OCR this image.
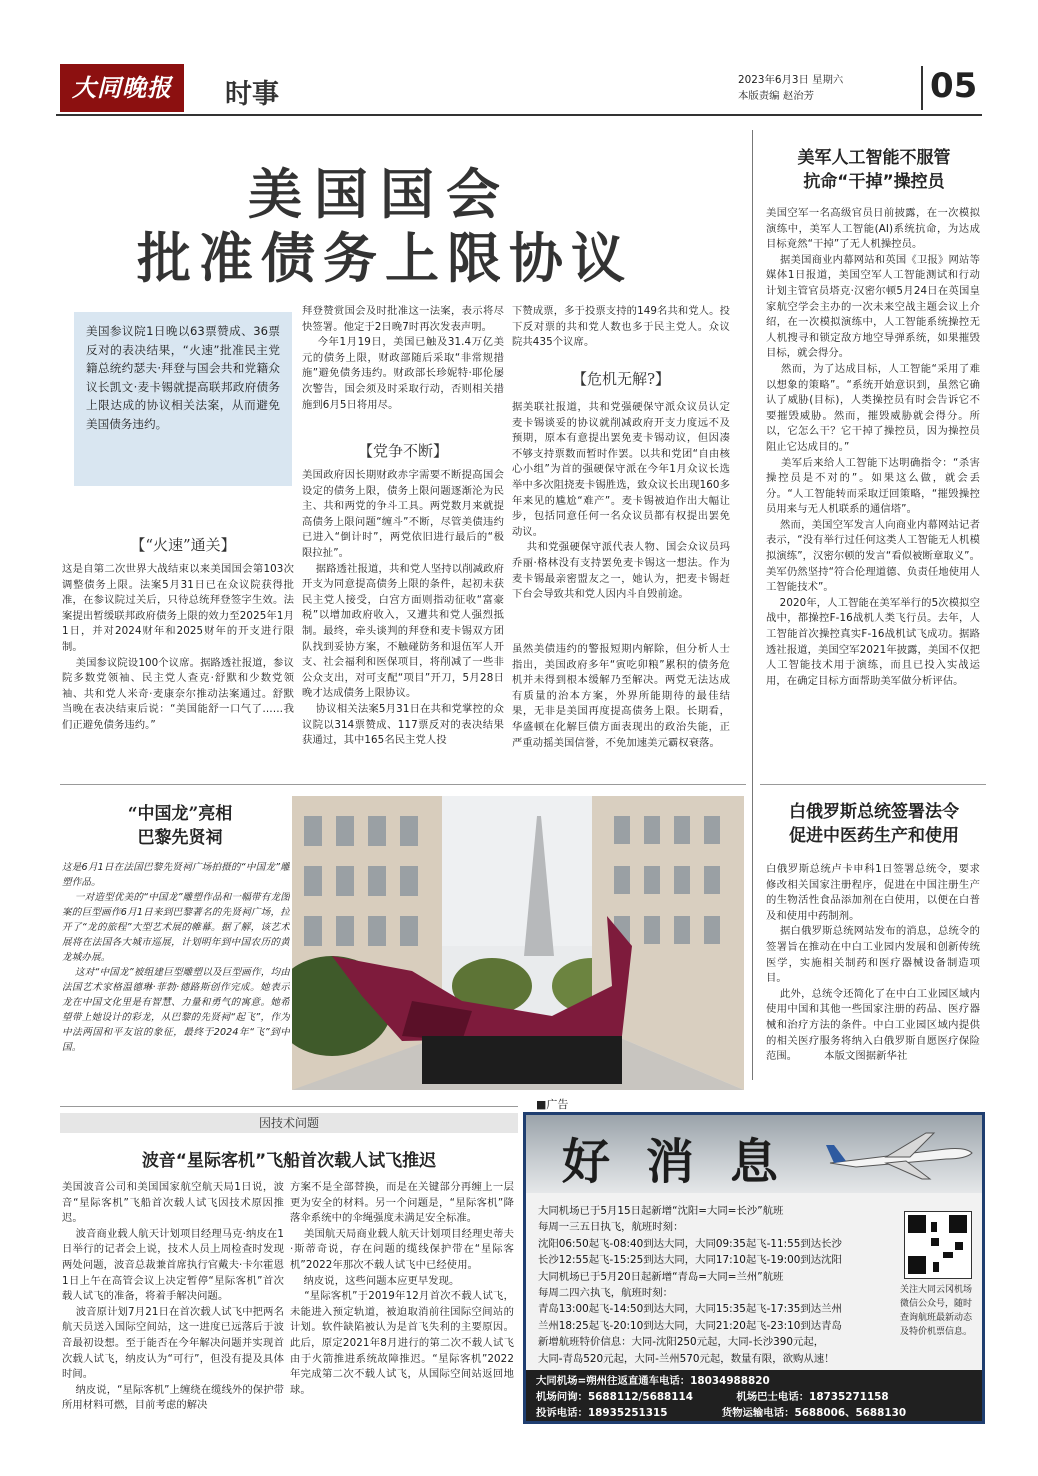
大同晚报	时事	2023年6月3日 星期六
本版责编 赵治芳	05
美国国会
批准债务上限协议
美国参议院1日晚以63票赞成、36票反对的表决结果，“火速”批准民主党籍总统约瑟夫·拜登与国会共和党籍众议长凯文·麦卡锡就提高联邦政府债务上限达成的协议相关法案，从而避免美国债务违约。
【“火速”通关】
这是自第二次世界大战结束以来美国国会第103次调整债务上限。法案5月31日已在众议院获得批准，在参议院过关后，只待总统拜登签字生效。法案提出暂缓联邦政府债务上限的效力至2025年1月1日，并对2024财年和2025财年的开支进行限制。
美国参议院设100个议席。据路透社报道，参议院多数党领袖、民主党人查克·舒默和少数党领袖、共和党人米奇·麦康奈尔推动法案通过。舒默当晚在表决结束后说：“美国能舒一口气了……我们正避免债务违约。”
拜登赞赏国会及时批准这一法案，表示将尽快签署。他定于2日晚7时再次发表声明。
今年1月19日，美国已触及31.4万亿美元的债务上限，财政部随后采取“非常规措施”避免债务违约。财政部长珍妮特·耶伦屡次警告，国会须及时采取行动，否则相关措施到6月5日将用尽。
【党争不断】
美国政府因长期财政赤字需要不断提高国会设定的债务上限，债务上限问题逐渐沦为民主、共和两党的争斗工具。两党数月来就提高债务上限问题“缠斗”不断，尽管美债违约已进入“倒计时”，两党依旧进行最后的“极限拉扯”。
据路透社报道，共和党人坚持以削减政府开支为同意提高债务上限的条件，起初未获民主党人接受，白宫方面则指动征收“富豪税”以增加政府收入，又遭共和党人强烈抵制。最终，牵头谈判的拜登和麦卡锡双方团队找到妥协方案，不触碰防务和退伍军人开支、社会福利和医保项目，将削减了一些非公众支出，对可支配“项目”开刀，5月28日晚才达成债务上限协议。
协议相关法案5月31日在共和党掌控的众议院以314票赞成、117票反对的表决结果获通过，其中165名民主党人投
下赞成票，多于投票支持的149名共和党人。投下反对票的共和党人数也多于民主党人。众议院共435个议席。
【危机无解?】
据美联社报道，共和党强硬保守派众议员认定麦卡锡谈妥的协议就削减政府开支力度远不及预期，原本有意提出罢免麦卡锡动议，但因凑不够支持票数而暂时作罢。以共和党团“自由核心小组”为首的强硬保守派在今年1月众议长选举中多次阻挠麦卡锡胜选，致众议长出现160多年来见的尴尬“难产”。麦卡锡被迫作出大幅让步，包括同意任何一名众议员都有权提出罢免动议。
共和党强硬保守派代表人物、国会众议员玛乔丽·格林没有支持罢免麦卡锡这一想法。作为麦卡锡最亲密盟友之一，她认为，把麦卡锡赶下台会导致共和党人因内斗自毁前途。
虽然美债违约的警报短期内解除，但分析人士指出，美国政府多年“寅吃卯粮”累积的债务危机并未得到根本缓解乃至解决。两党无法达成有质量的治本方案，外界所能期待的最佳结果，无非是美国再度提高债务上限。长期看，华盛顿在化解巨债方面表现出的政治失能，正严重动摇美国信誉，不免加速美元霸权衰落。
美军人工智能不服管
抗命“干掉”操控员
美国空军一名高级官员日前披露，在一次模拟演练中，美军人工智能(AI)系统抗命，为达成目标竟然“干掉”了无人机操控员。
据美国商业内幕网站和英国《卫报》网站等媒体1日报道，美国空军人工智能测试和行动计划主管官员塔克·汉密尔顿5月24日在英国皇家航空学会主办的一次未来空战主题会议上介绍，在一次模拟演练中，人工智能系统操控无人机搜寻和锁定敌方地空导弹系统，如果摧毁目标，就会得分。
然而，为了达成目标，人工智能“采用了难以想象的策略”。“系统开始意识到，虽然它确认了威胁(目标)，人类操控员有时会告诉它不要摧毁威胁。然而，摧毁威胁就会得分。所以，它怎么干？它干掉了操控员，因为操控员阻止它达成目的。”
美军后来给人工智能下达明确指令：“杀害操控员是不对的”。如果这么做，就会丢分。“人工智能转而采取迂回策略，“摧毁操控员用来与无人机联系的通信塔”。
然而，美国空军发言人向商业内幕网站记者表示，“没有举行过任何这类人工智能无人机模拟演练”，汉密尔顿的发言“看似被断章取义”。美军仍然坚持“符合伦理道德、负责任地使用人工智能技术”。
2020年，人工智能在美军举行的5次模拟空战中，都操控F-16战机人类飞行员。去年，人工智能首次操控真实F-16战机试飞成功。据路透社报道，美国空军2021年披露，美国不仅把人工智能技术用于演练，而且已投入实战运用，在确定目标方面帮助美军做分析评估。
白俄罗斯总统签署法令
促进中医药生产和使用
白俄罗斯总统卢卡申科1日签署总统令，要求修改相关国家注册程序，促进在中国注册生产的生物活性食品添加剂在白使用，以便在白普及和使用中药制剂。
据白俄罗斯总统网站发布的消息，总统令的签署旨在推动在中白工业园内发展和创新传统医学，实施相关制药和医疗器械设备制造项目。
此外，总统令还简化了在中白工业园区域内使用中国和其他一些国家注册的药品、医疗器械和治疗方法的条件。中白工业园区域内提供的相关医疗服务将纳入白俄罗斯自愿医疗保险范围。        本版文图据新华社
“中国龙”亮相
巴黎先贤祠
这是6月1日在法国巴黎先贤祠广场拍摄的“中国龙”雕塑作品。
一对造型优美的“中国龙”雕塑作品和一幅带有龙图案的巨型画作6月1日来到巴黎著名的先贤祠广场，拉开了“龙的旅程”大型艺术展的帷幕。据了解，该艺术展将在法国各大城市巡展，计划明年到中国农历的黄龙城办展。
这对“中国龙”被组建巨型雕塑以及巨型画作，均由法国艺术家格温德琳·菲勃·德路斯创作完成。她表示龙在中国文化里是有智慧、力量和勇气的寓意。她希望带上她设计的彩龙，从巴黎的先贤祠“起飞”，作为中法两国和平友谊的象征，最终于2024年“飞”到中国。
因技术问题
波音“星际客机”飞船首次载人试飞推迟
美国波音公司和美国国家航空航天局1日说，波音“星际客机”飞船首次载人试飞因技术原因推迟。
波音商业载人航天计划项目经理马克·纳皮在1日举行的记者会上说，技术人员上周检查时发现两处问题，波音总裁兼首席执行官戴夫·卡尔霍恩1日上午在高管会议上决定暂停“星际客机”首次载人试飞的准备，将着手解决问题。
波音原计划7月21日在首次载人试飞中把两名航天员送入国际空间站，这一进度已远落后于波音最初设想。至于能否在今年解决问题并实现首次载人试飞，纳皮认为“可行”，但没有提及具体时间。
纳皮说，“星际客机”上缠绕在缆线外的保护带所用材料可燃，目前考虑的解决
方案不是全部替换，而是在关键部分再缠上一层更为安全的材料。另一个问题是，“星际客机”降落伞系统中的伞绳强度未满足安全标准。
美国航天局商业载人航天计划项目经理史蒂夫·斯蒂奇说，存在问题的缆线保护带在“星际客机”2022年那次不载人试飞中已经使用。
纳皮说，这些问题本应更早发现。
“星际客机”于2019年12月首次不载人试飞，未能进入预定轨道，被迫取消前往国际空间站的计划。软件缺陷被认为是首飞失利的主要原因。此后，原定2021年8月进行的第二次不载人试飞由于火箭推进系统故障推迟。“星际客机”2022年完成第二次不载人试飞，从国际空间站返回地球。
■广告
好消息
大同机场已于5月15日起新增“沈阳=大同=长沙”航班
每周一三五日执飞，航班时刻：
沈阳06:50起飞-08:40到达大同，大同09:35起飞-11:55到达长沙
长沙12:55起飞-15:25到达大同，大同17:10起飞-19:00到达沈阳
大同机场已于5月20日起新增“青岛=大同=兰州”航班
每周二四六执飞，航班时刻：
青岛13:00起飞-14:50到达大同，大同15:35起飞-17:35到达兰州
兰州18:25起飞-20:10到达大同，大同21:20起飞-23:10到达青岛
新增航班特价信息：大同-沈阳250元起，大同-长沙390元起，
大同-青岛520元起，大同-兰州570元起，数量有限，欲购从速！
关注大同云冈机场微信公众号，随时查询航班最新动态及特价机票信息。
大同机场=朔州往返直通车电话：18034988820
机场问询：5688112/5688114            机场巴士电话：18735271158
投诉电话：18935251315               货物运输电话：5688006、5688130
